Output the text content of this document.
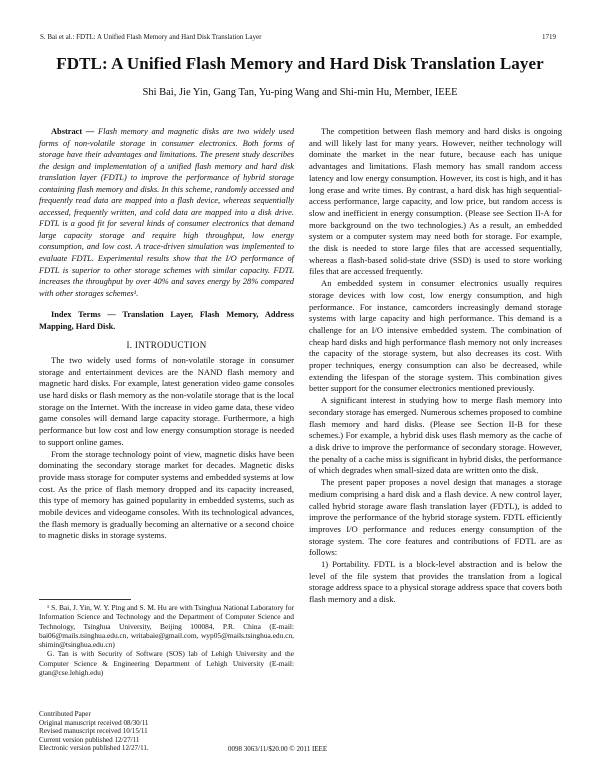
S. Bai et al.: FDTL: A Unified Flash Memory and Hard Disk Translation Layer	1719
FDTL: A Unified Flash Memory and Hard Disk Translation Layer
Shi Bai, Jie Yin, Gang Tan, Yu-ping Wang and Shi-min Hu, Member, IEEE

Abstract — Flash memory and magnetic disks are two widely used forms of non-volatile storage in consumer electronics. Both forms of storage have their advantages and limitations. The present study describes the design and implementation of a unified flash memory and hard disk translation layer (FDTL) to improve the performance of hybrid storage containing flash memory and disks. In this scheme, randomly accessed and frequently read data are mapped into a flash device, whereas sequentially accessed, frequently written, and cold data are mapped into a disk drive. FDTL is a good fit for several kinds of consumer electronics that demand large capacity storage and require high throughput, low energy consumption, and low cost. A trace-driven simulation was implemented to evaluate FDTL. Experimental results show that the I/O performance of FDTL is superior to other storage schemes with similar capacity. FDTL increases the throughput by over 40% and saves energy by 28% compared with other storages schemes¹.

Index Terms — Translation Layer, Flash Memory, Address Mapping, Hard Disk.

I. INTRODUCTION

The two widely used forms of non-volatile storage in consumer storage and entertainment devices are the NAND flash memory and magnetic hard disks. For example, latest generation video game consoles use hard disks or flash memory as the non-volatile storage that is the local storage on the Internet. With the increase in video game data, these video game consoles will demand large capacity storage. Furthermore, a high performance but low cost and low energy consumption storage is needed to support online games.

From the storage technology point of view, magnetic disks have been dominating the secondary storage market for decades. Magnetic disks provide mass storage for computer systems and embedded systems at low cost. As the price of flash memory dropped and its capacity increased, this type of memory has gained popularity in embedded systems, such as mobile devices and videogame consoles. With its technological advances, the flash memory is gradually becoming an alternative or a second choice to magnetic disks in storage systems.

¹ S. Bai, J. Yin, W. Y. Ping and S. M. Hu are with Tsinghua National Laboratory for Information Science and Technology and the Department of Computer Science and Technology, Tsinghua University, Beijing 100084, P.R. China (E-mail: bai06@mails.tsinghua.edu.cn, writabaie@gmail.com, wyp05@mails.tsinghua.edu.cn, shimin@tsinghua.edu.cn)

G. Tan is with Security of Software (SOS) lab of Lehigh University and the Computer Science & Engineering Department of Lehigh University (E-mail: gtan@cse.lehigh.edu)

Contributed Paper
Original manuscript received 08/30/11
Revised manuscript received 10/15/11
Current version published 12/27/11
Electronic version published 12/27/11.	0098 3063/11/$20.00 © 2011 IEEE

The competition between flash memory and hard disks is ongoing and will likely last for many years. However, neither technology will dominate the market in the near future, because each has unique advantages and limitations. Flash memory has small random access latency and low energy consumption. However, its cost is high, and it has long erase and write times. By contrast, a hard disk has high sequential-access performance, large capacity, and low price, but random access is slow and inefficient in energy consumption. (Please see Section II-A for more background on the two technologies.) As a result, an embedded system or a computer system may need both for storage. For example, the disk is needed to store large files that are accessed sequentially, whereas a flash-based solid-state drive (SSD) is used to store working files that are accessed frequently.

An embedded system in consumer electronics usually requires storage devices with low cost, low energy consumption, and high performance. For instance, camcorders increasingly demand storage systems with large capacity and high performance. This demand is a challenge for an I/O intensive embedded system. The combination of cheap hard disks and high performance flash memory not only increases the capacity of the storage system, but also decreases its cost. With proper techniques, energy consumption can also be decreased, while extending the lifespan of the storage system. This combination gives better support for the consumer electronics mentioned previously.

A significant interest in studying how to merge flash memory into secondary storage has emerged. Numerous schemes proposed to combine flash memory and hard disks. (Please see Section II-B for these schemes.) For example, a hybrid disk uses flash memory as the cache of a disk drive to improve the performance of secondary storage. However, the penalty of a cache miss is significant in hybrid disks, the performance of which degrades when small-sized data are written onto the disk.

The present paper proposes a novel design that manages a storage medium comprising a hard disk and a flash device. A new control layer, called hybrid storage aware flash translation layer (FDTL), is added to improve the performance of the hybrid storage system. FDTL efficiently improves I/O performance and reduces energy consumption of the storage system. The core features and contributions of FDTL are as follows:

1) Portability. FDTL is a block-level abstraction and is below the level of the file system that provides the translation from a logical storage address space to a physical storage address space that covers both flash memory and a disk.
